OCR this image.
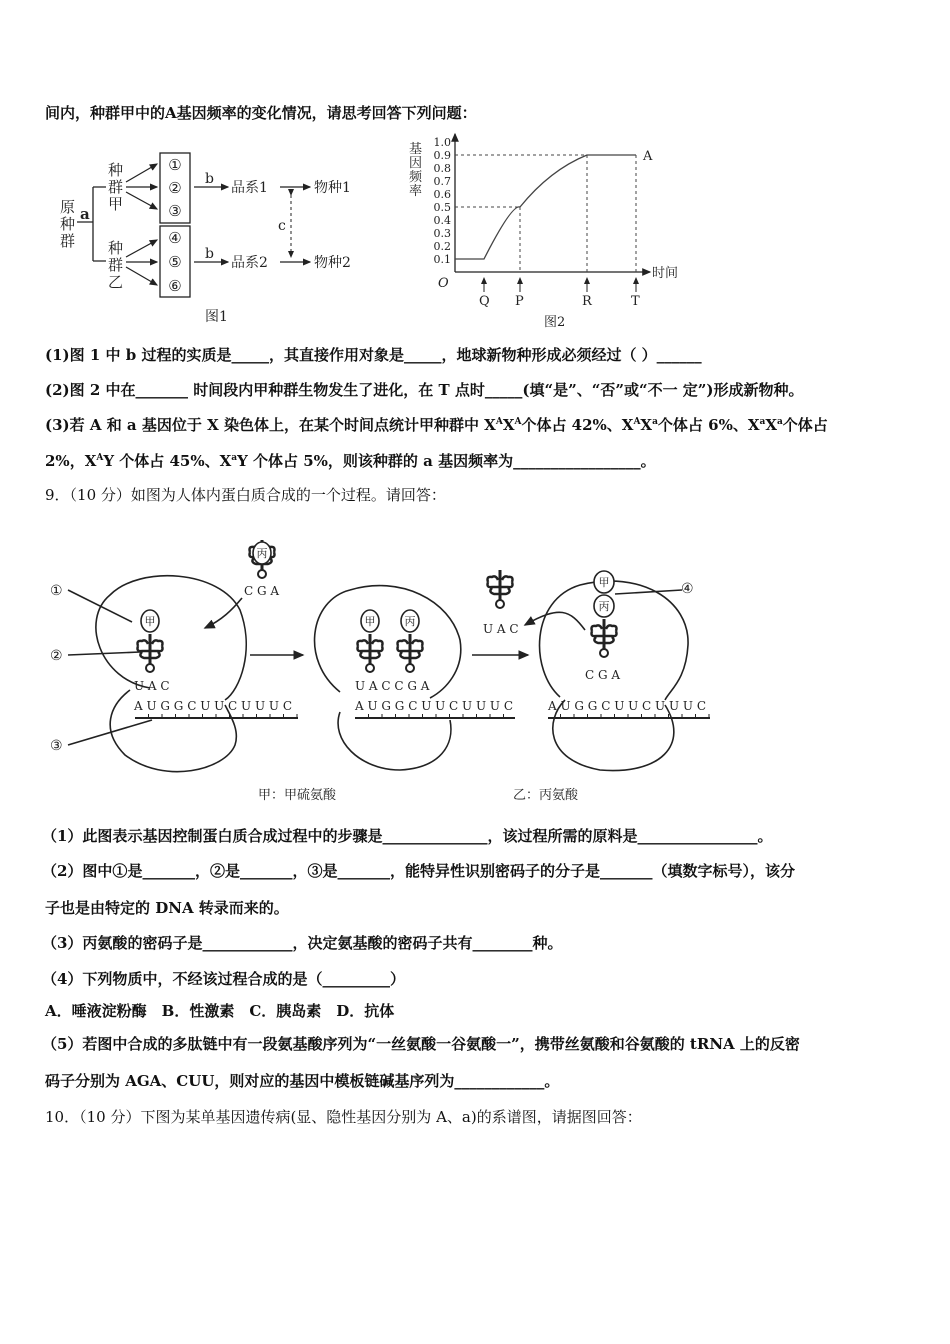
间内，种群甲中的A基因频率的变化情况，请思考回答下列问题：
原
种
群
a
种
群
甲
种
群
乙
①
②
③
④
⑤
⑥
b
b
品系1
品系2
物种1
物种2
c
图1
基
因
频
率
1.0
0.9
0.8
0.7
0.6
0.5
0.4
0.3
0.2
0.1
O
Q P	R	T
A
时间
图2
甲
丙
甲	丙
甲
丙
①
②
③
④
C G A
U A C
A U G G C U U C U U U C
U A C C G A
A U G G C U U C U U U C
U A C
C G A
A U G G C U U C U U U C
甲：甲硫氨酸	乙：丙氨酸
(1)图 1 中 b 过程的实质是_____，其直接作用对象是_____，地球新物种形成必须经过（ ）______
(2)图 2 中在_______ 时间段内甲种群生物发生了进化，在 T 点时_____(填“是”、“否”或“不一 定”)形成新物种。
(3)若 A 和 a 基因位于 X 染色体上，在某个时间点统计甲种群中 $X^AX^A$个体占 42%、$X^AX^a$个体占 6%、$X^aX^a$个体占
2%，$X^AY$ 个体占 45%、$X^aY$ 个体占 5%，则该种群的 a 基因频率为_________________。
9．（10 分）如图为人体内蛋白质合成的一个过程。请回答：
（1）此图表示基因控制蛋白质合成过程中的步骤是______________，该过程所需的原料是________________。
（2）图中①是_______，②是_______，③是_______，能特异性识别密码子的分子是_______（填数字标号），该分
子也是由特定的 DNA 转录而来的。
（3）丙氨酸的密码子是____________，决定氨基酸的密码子共有________种。
（4）下列物质中，不经该过程合成的是（_________）
A．唾液淀粉酶　B．性激素　C．胰岛素　D．抗体
（5）若图中合成的多肽链中有一段氨基酸序列为“一丝氨酸一谷氨酸一”，携带丝氨酸和谷氨酸的 tRNA 上的反密
码子分别为 AGA、CUU，则对应的基因中模板链碱基序列为____________。
10．（10 分）下图为某单基因遗传病(显、隐性基因分别为 A、a)的系谱图，请据图回答：
